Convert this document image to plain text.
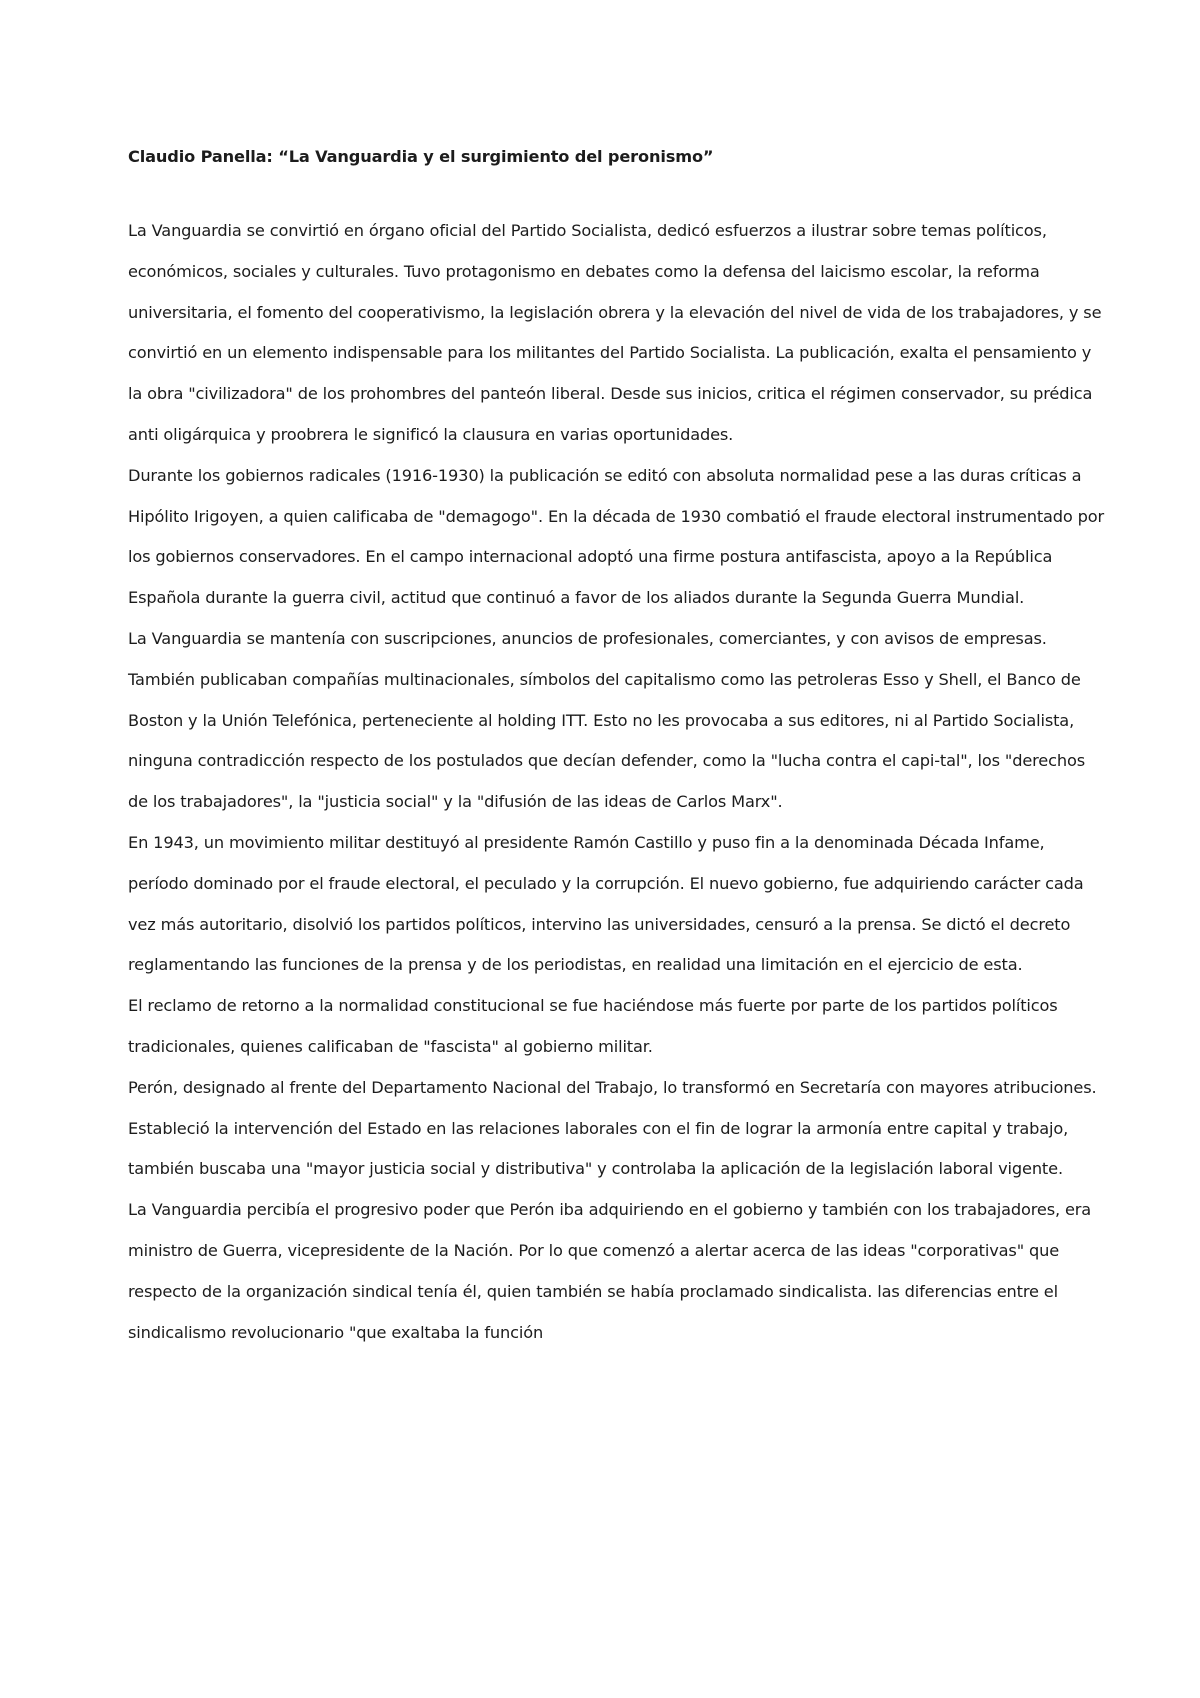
Claudio Panella: “La Vanguardia y el surgimiento del peronismo”

La Vanguardia se convirtió en órgano oficial del Partido Socialista, dedicó esfuerzos a ilustrar sobre temas políticos, económicos, sociales y culturales. Tuvo protagonismo en debates como la defensa del laicismo escolar, la reforma universitaria, el fomento del cooperativismo, la legislación obrera y la elevación del nivel de vida de los trabajadores, y se convirtió en un elemento indispensable para los militantes del Partido Socialista. La publicación, exalta el pensamiento y la obra "civilizadora" de los prohombres del panteón liberal. Desde sus inicios, critica el régimen conservador, su prédica anti oligárquica y proobrera le significó la clausura en varias oportunidades.

Durante los gobiernos radicales (1916-1930) la publicación se editó con absoluta normalidad pese a las duras críticas a Hipólito Irigoyen, a quien calificaba de "demagogo". En la década de 1930 combatió el fraude electoral instrumentado por los gobiernos conservadores. En el campo internacional adoptó una firme postura antifascista, apoyo a la República Española durante la guerra civil, actitud que continuó a favor de los aliados durante la Segunda Guerra Mundial.

La Vanguardia se mantenía con suscripciones, anuncios de profesionales, comerciantes, y con avisos de empresas. También publicaban compañías multinacionales, símbolos del capitalismo como las petroleras Esso y Shell, el Banco de Boston y la Unión Telefónica, perteneciente al holding ITT. Esto no les provocaba a sus editores, ni al Partido Socialista, ninguna contradicción respecto de los postulados que decían defender, como la "lucha contra el capi-tal", los "derechos de los trabajadores", la "justicia social" y la "difusión de las ideas de Carlos Marx".

En 1943, un movimiento militar destituyó al presidente Ramón Castillo y puso fin a la denominada Década Infame, período dominado por el fraude electoral, el peculado y la corrupción. El nuevo gobierno, fue adquiriendo carácter cada vez más autoritario, disolvió los partidos políticos, intervino las universidades, censuró a la prensa. Se dictó el decreto reglamentando las funciones de la prensa y de los periodistas, en realidad una limitación en el ejercicio de esta.

El reclamo de retorno a la normalidad constitucional se fue haciéndose más fuerte por parte de los partidos políticos tradicionales, quienes calificaban de "fascista" al gobierno militar.

Perón, designado al frente del Departamento Nacional del Trabajo, lo transformó en Secretaría con mayores atribuciones. Estableció la intervención del Estado en las relaciones laborales con el fin de lograr la armonía entre capital y trabajo, también buscaba una "mayor justicia social y distributiva" y controlaba la aplicación de la legislación laboral vigente.

La Vanguardia percibía el progresivo poder que Perón iba adquiriendo en el gobierno y también con los trabajadores, era ministro de Guerra, vicepresidente de la Nación. Por lo que comenzó a alertar acerca de las ideas "corporativas" que respecto de la organización sindical tenía él, quien también se había proclamado sindicalista. las diferencias entre el sindicalismo revolucionario "que exaltaba la función
